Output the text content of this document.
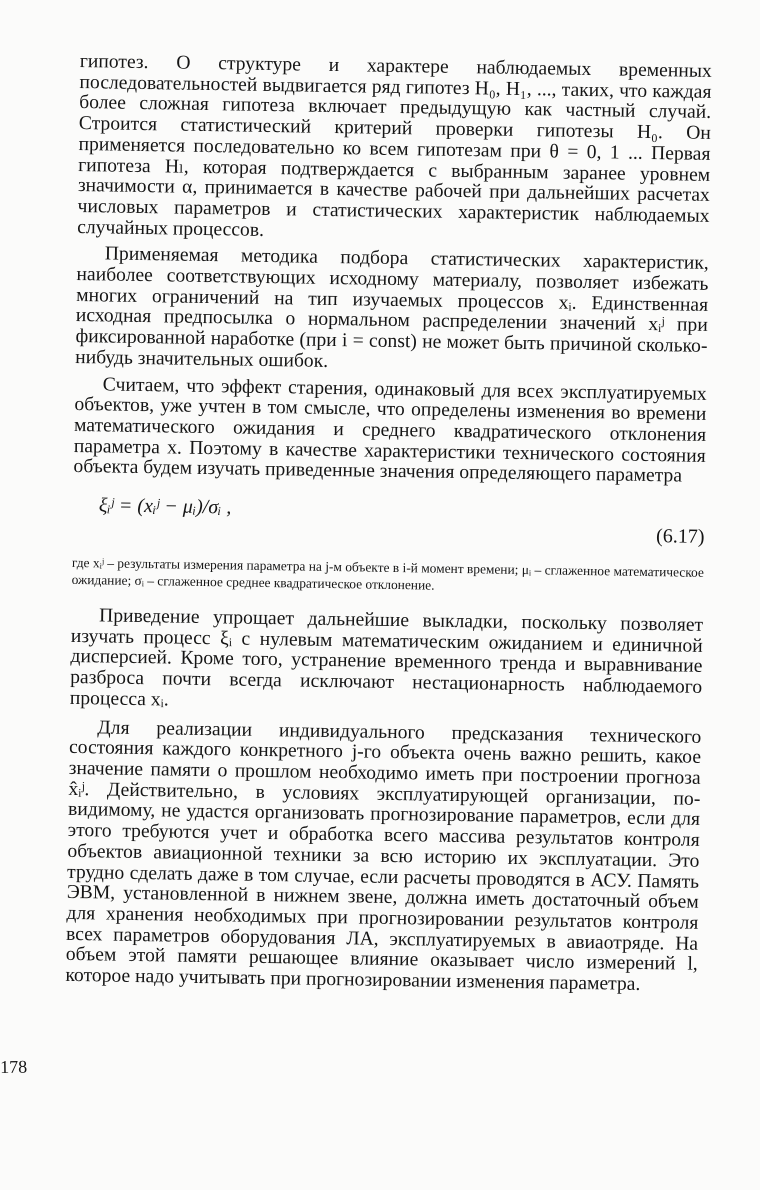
гипотез. О структуре и характере наблюдаемых временных последовательностей выдвигается ряд гипотез H₀, H₁, ..., таких, что каждая более сложная гипотеза включает предыдущую как частный случай. Строится статистический критерий проверки гипотезы H₀. Он применяется последовательно ко всем гипотезам при θ = 0, 1 ... Первая гипотеза Hₗ, которая подтверждается с выбранным заранее уровнем значимости α, принимается в качестве рабочей при дальнейших расчетах числовых параметров и статистических характеристик наблюдаемых случайных процессов.

Применяемая методика подбора статистических характеристик, наиболее соответствующих исходному материалу, позволяет избежать многих ограничений на тип изучаемых процессов xᵢ. Единственная исходная предпосылка о нормальном распределении значений xᵢʲ при фиксированной наработке (при i = const) не может быть причиной сколько-нибудь значительных ошибок.

Считаем, что эффект старения, одинаковый для всех эксплуатируемых объектов, уже учтен в том смысле, что определены изменения во времени математического ожидания и среднего квадратического отклонения параметра x. Поэтому в качестве характеристики технического состояния объекта будем изучать приведенные значения определяющего параметра

ξᵢʲ = (xᵢʲ − μᵢ)/σᵢ ,
(6.17)

где xᵢʲ – результаты измерения параметра на j-м объекте в i-й момент времени; μᵢ – сглаженное математическое ожидание; σᵢ – сглаженное среднее квадратическое отклонение.

Приведение упрощает дальнейшие выкладки, поскольку позволяет изучать процесс ξᵢ с нулевым математическим ожиданием и единичной дисперсией. Кроме того, устранение временного тренда и выравнивание разброса почти всегда исключают нестационарность наблюдаемого процесса xᵢ.

Для реализации индивидуального предсказания технического состояния каждого конкретного j-го объекта очень важно решить, какое значение памяти о прошлом необходимо иметь при построении прогноза x̂ᵢʲ. Действительно, в условиях эксплуатирующей организации, по-видимому, не удастся организовать прогнозирование параметров, если для этого требуются учет и обработка всего массива результатов контроля объектов авиационной техники за всю историю их эксплуатации. Это трудно сделать даже в том случае, если расчеты проводятся в АСУ. Память ЭВМ, установленной в нижнем звене, должна иметь достаточный объем для хранения необходимых при прогнозировании результатов контроля всех параметров оборудования ЛА, эксплуатируемых в авиаотряде. На объем этой памяти решающее влияние оказывает число измерений l, которое надо учитывать при прогнозировании изменения параметра.

178
